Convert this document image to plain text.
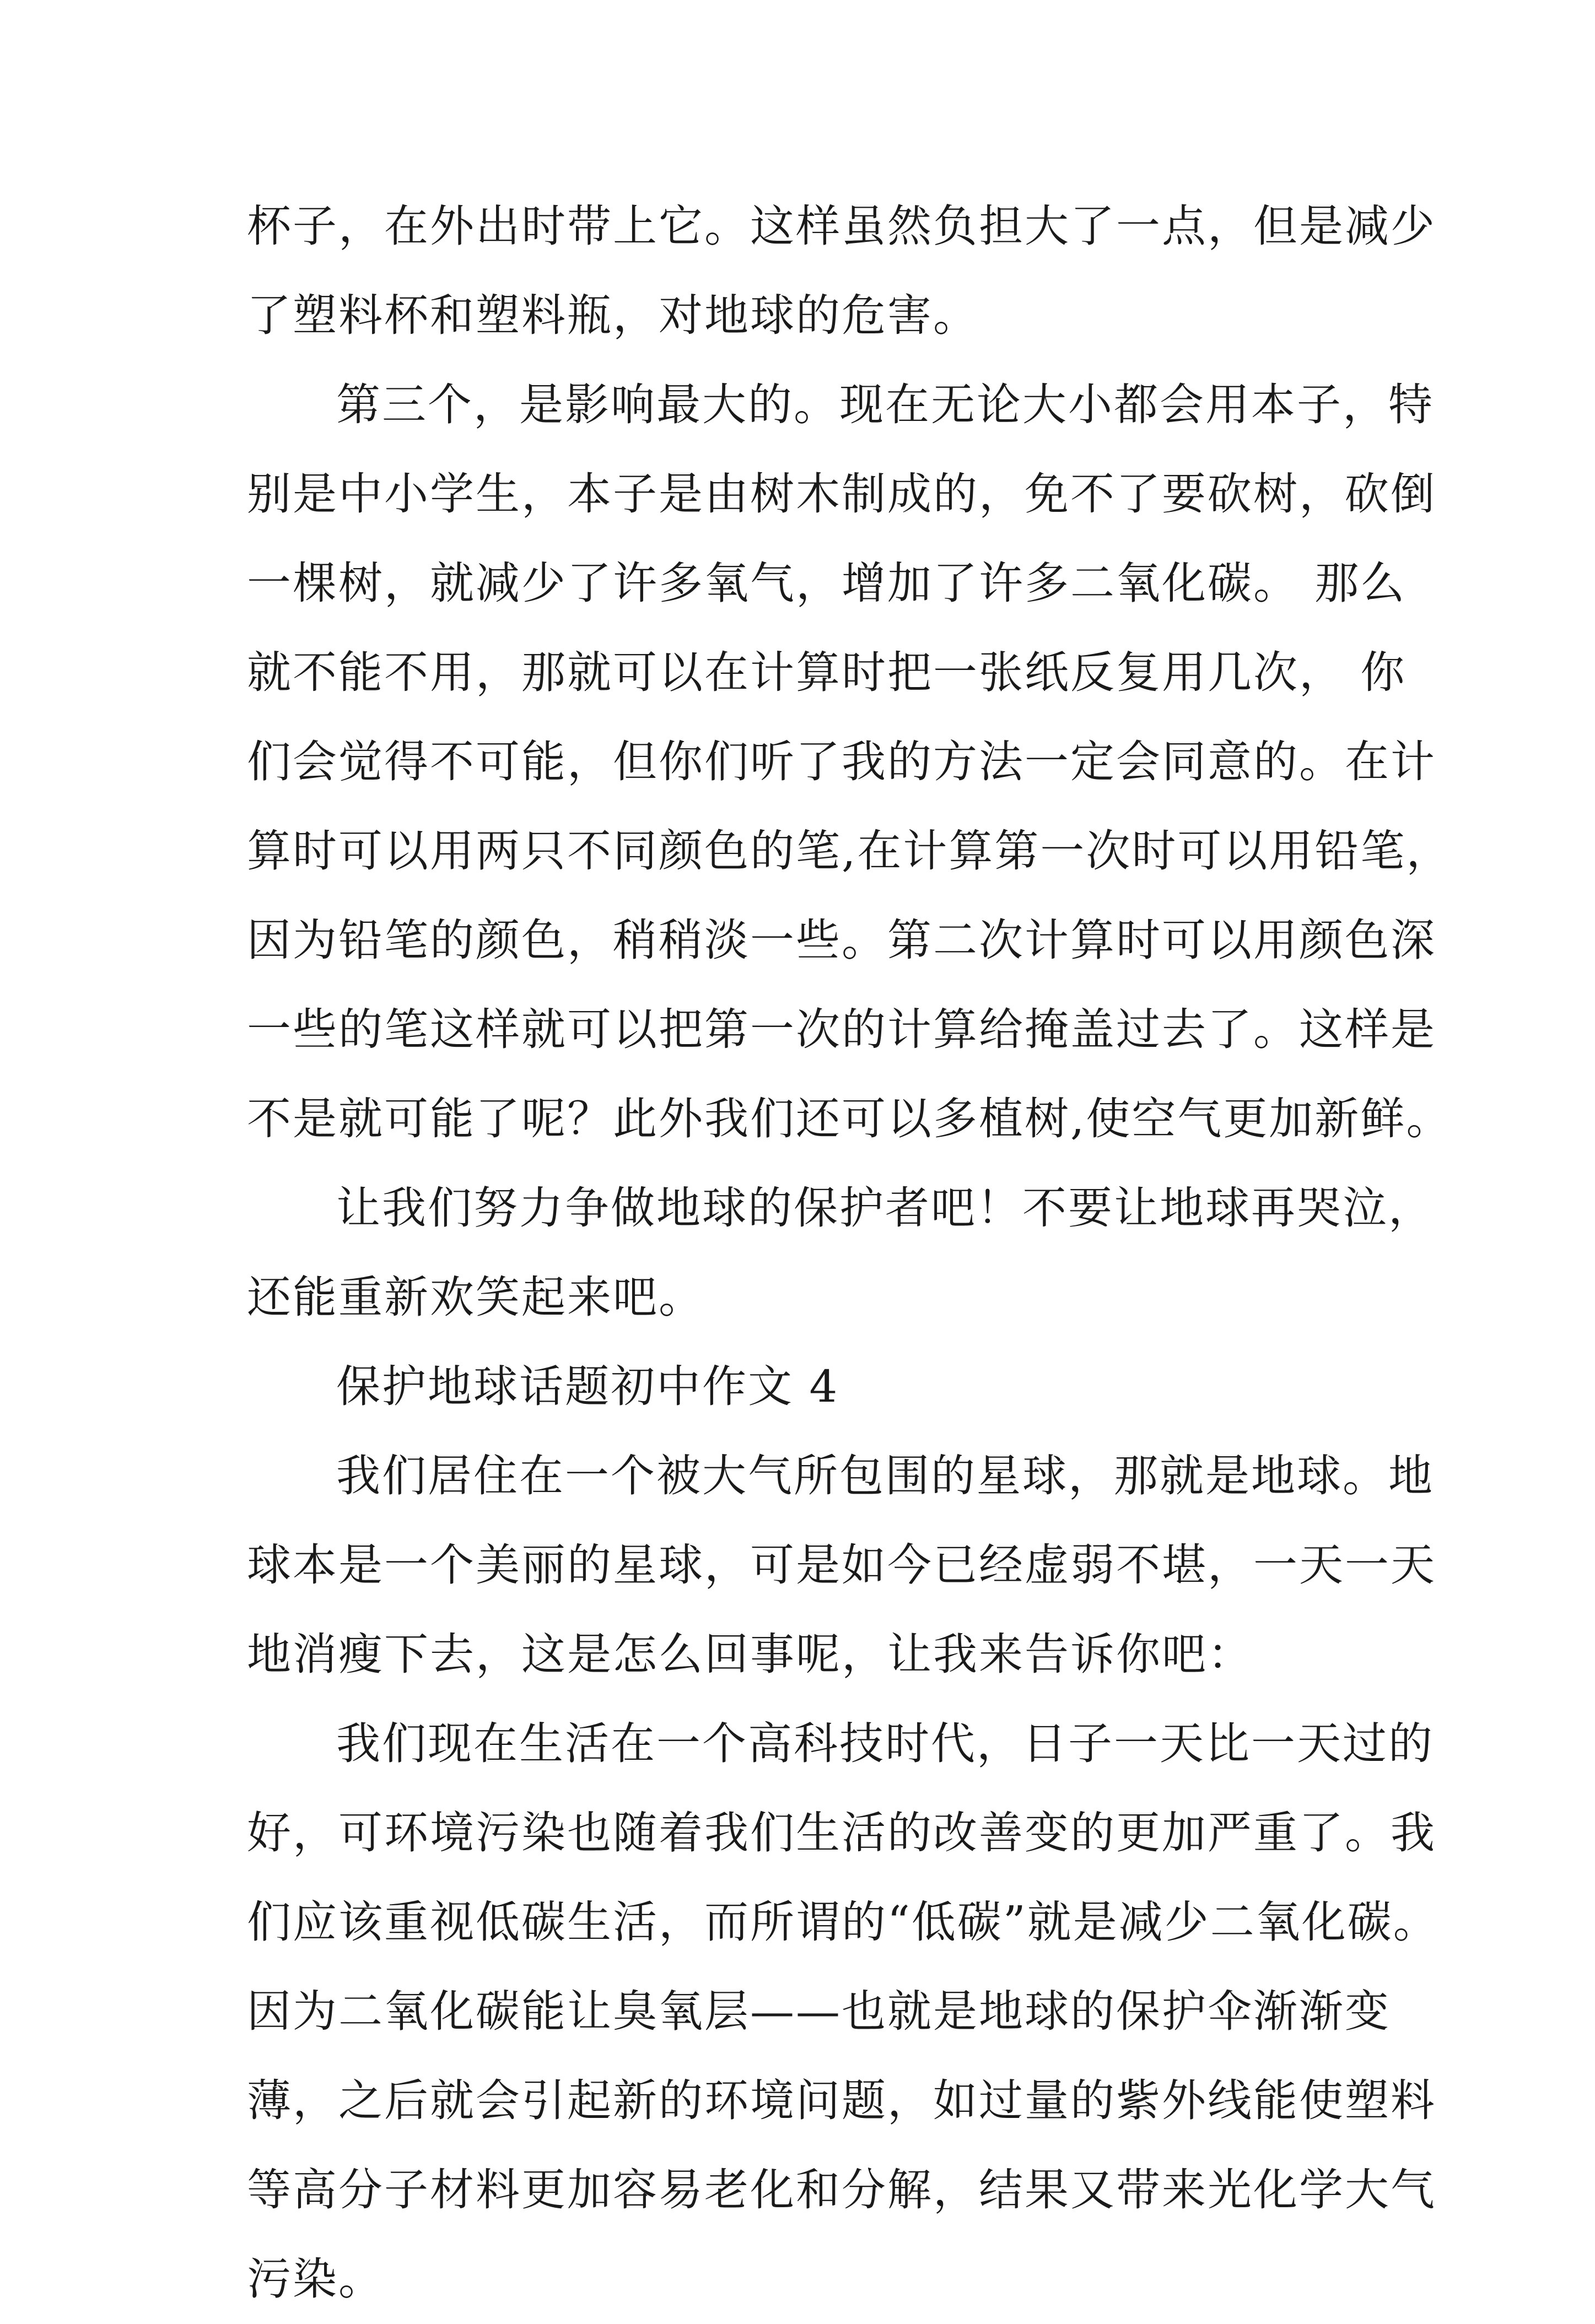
杯子，在外出时带上它。这样虽然负担大了一点，但是减少
了塑料杯和塑料瓶，对地球的危害。
第三个，是影响最大的。现在无论大小都会用本子，特
别是中小学生，本子是由树木制成的，免不了要砍树，砍倒
一棵树，就减少了许多氧气，增加了许多二氧化碳。 那么
就不能不用，那就可以在计算时把一张纸反复用几次， 你
们会觉得不可能，但你们听了我的方法一定会同意的。在计
算时可以用两只不同颜色的笔,在计算第一次时可以用铅笔，
因为铅笔的颜色，稍稍淡一些。第二次计算时可以用颜色深
一些的笔这样就可以把第一次的计算给掩盖过去了。这样是
不是就可能了呢？此外我们还可以多植树,使空气更加新鲜。
让我们努力争做地球的保护者吧！不要让地球再哭泣，
还能重新欢笑起来吧。
保护地球话题初中作文 4
我们居住在一个被大气所包围的星球，那就是地球。地
球本是一个美丽的星球，可是如今已经虚弱不堪，一天一天
地消瘦下去，这是怎么回事呢，让我来告诉你吧：
我们现在生活在一个高科技时代，日子一天比一天过的
好，可环境污染也随着我们生活的改善变的更加严重了。我
们应该重视低碳生活，而所谓的“低碳”就是减少二氧化碳。
因为二氧化碳能让臭氧层——也就是地球的保护伞渐渐变
薄，之后就会引起新的环境问题，如过量的紫外线能使塑料
等高分子材料更加容易老化和分解，结果又带来光化学大气
污染。
